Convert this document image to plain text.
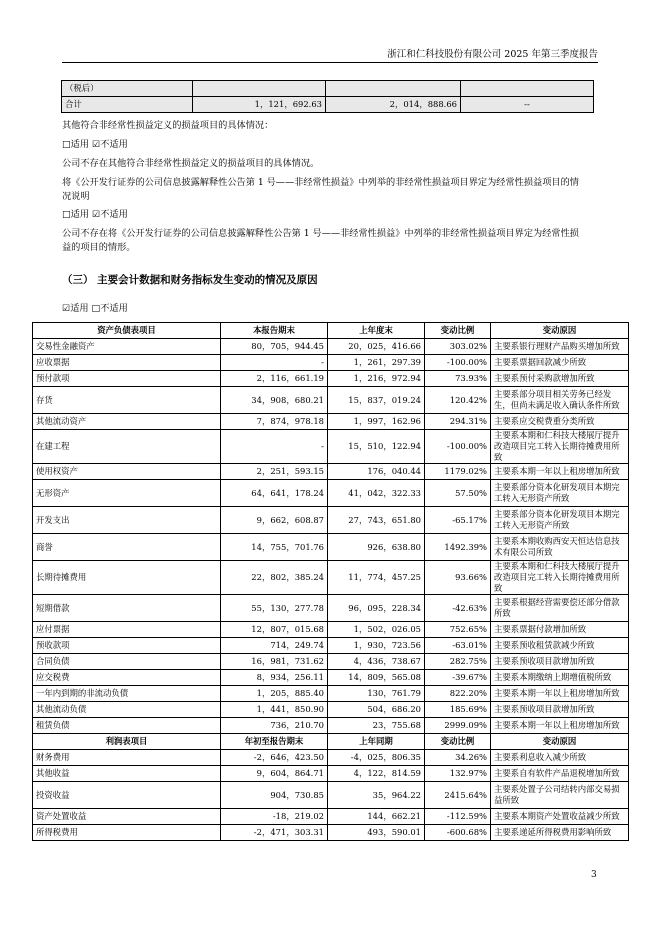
浙江和仁科技股份有限公司 2025 年第三季度报告
（税后）			
合计	1，121，692.63	2，014，888.66	--
其他符合非经常性损益定义的损益项目的具体情况：
□适用 ☑不适用
公司不存在其他符合非经常性损益定义的损益项目的具体情况。
将《公开发行证券的公司信息披露解释性公告第 1 号——非经常性损益》中列举的非经常性损益项目界定为经常性损益项目的情况说明
□适用 ☑不适用
公司不存在将《公开发行证券的公司信息披露解释性公告第 1 号——非经常性损益》中列举的非经常性损益项目界定为经常性损益的项目的情形。
（三） 主要会计数据和财务指标发生变动的情况及原因
☑适用 □不适用
资产负债表项目	本报告期末	上年度末	变动比例	变动原因
交易性金融资产	80，705，944.45	20，025，416.66	303.02%	主要系银行理财产品购买增加所致
应收票据	-	1，261，297.39	-100.00%	主要系票据回款减少所致
预付款项	2，116，661.19	1，216，972.94	73.93%	主要系预付采购款增加所致
存货	34，908，680.21	15，837，019.24	120.42%	主要系部分项目相关劳务已经发生，但尚未满足收入确认条件所致
其他流动资产	7，874，978.18	1，997，162.96	294.31%	主要系应交税费重分类所致
在建工程	-	15，510，122.94	-100.00%	主要系本期和仁科技大楼展厅提升改造项目完工转入长期待摊费用所致
使用权资产	2，251，593.15	176，040.44	1179.02%	主要系本期一年以上租房增加所致
无形资产	64，641，178.24	41，042，322.33	57.50%	主要系部分资本化研发项目本期完工转入无形资产所致
开发支出	9，662，608.87	27，743，651.80	-65.17%	主要系部分资本化研发项目本期完工转入无形资产所致
商誉	14，755，701.76	926，638.80	1492.39%	主要系本期收购西安天恒达信息技术有限公司所致
长期待摊费用	22，802，385.24	11，774，457.25	93.66%	主要系本期和仁科技大楼展厅提升改造项目完工转入长期待摊费用所致
短期借款	55，130，277.78	96，095，228.34	-42.63%	主要系根据经营需要偿还部分借款所致
应付票据	12，807，015.68	1，502，026.05	752.65%	主要系票据付款增加所致
预收款项	714，249.74	1，930，723.56	-63.01%	主要系预收租赁款减少所致
合同负债	16，981，731.62	4，436，738.67	282.75%	主要系预收项目款增加所致
应交税费	8，934，256.11	14，809，565.08	-39.67%	主要系本期缴纳上期增值税所致
一年内到期的非流动负债	1，205，885.40	130，761.79	822.20%	主要系本期一年以上租房增加所致
其他流动负债	1，441，850.90	504，686.20	185.69%	主要系预收项目款增加所致
租赁负债	736，210.70	23，755.68	2999.09%	主要系本期一年以上租房增加所致
利润表项目	年初至报告期末	上年同期	变动比例	变动原因
财务费用	-2，646，423.50	-4，025，806.35	34.26%	主要系利息收入减少所致
其他收益	9，604，864.71	4，122，814.59	132.97%	主要系自有软件产品退税增加所致
投资收益	904，730.85	35，964.22	2415.64%	主要系处置子公司结转内部交易损益所致
资产处置收益	-18，219.02	144，662.21	-112.59%	主要系本期资产处置收益减少所致
所得税费用	-2，471，303.31	493，590.01	-600.68%	主要系递延所得税费用影响所致
3
